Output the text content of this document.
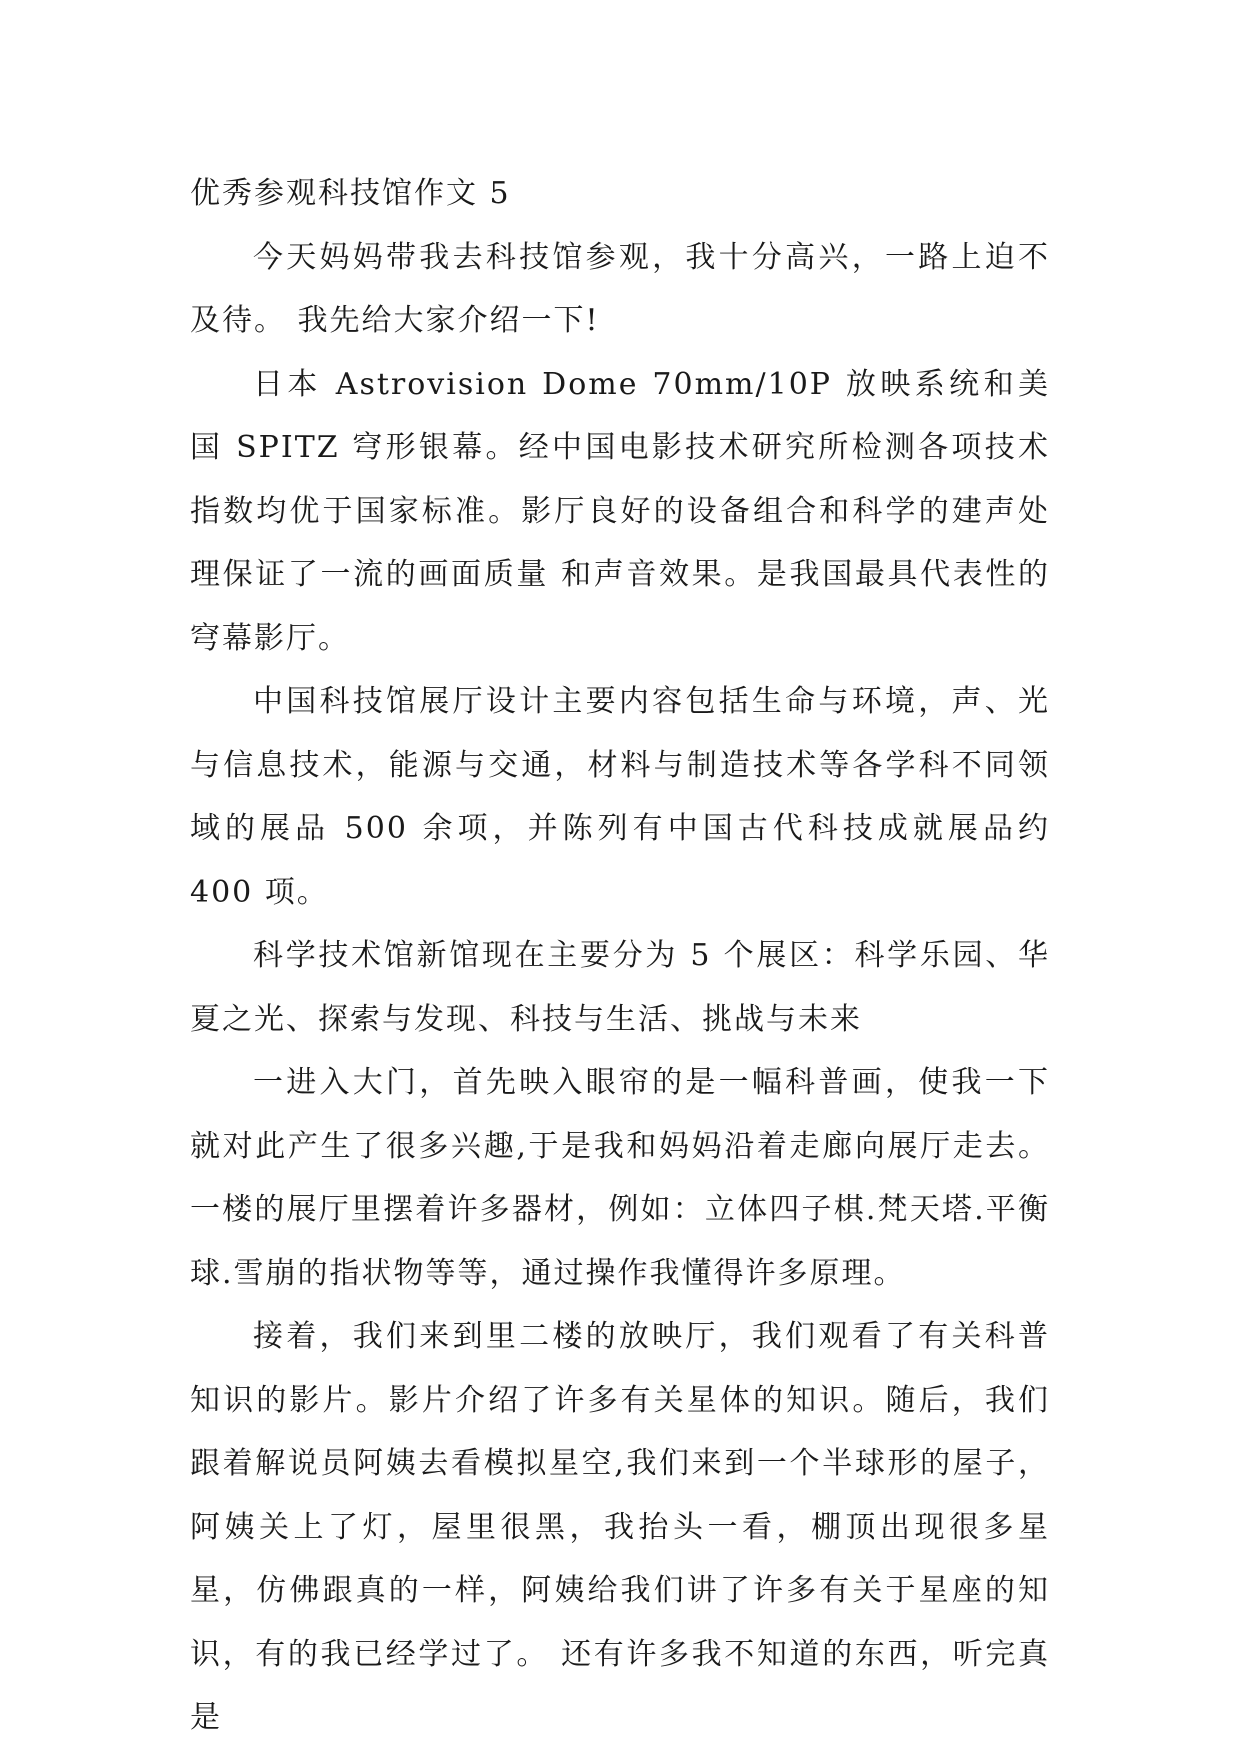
优秀参观科技馆作文 5

今天妈妈带我去科技馆参观，我十分高兴，一路上迫不及待。 我先给大家介绍一下!

日本 Astrovision Dome 70mm/10P 放映系统和美国 SPITZ 穹形银幕。经中国电影技术研究所检测各项技术指数均优于国家标准。影厅良好的设备组合和科学的建声处理保证了一流的画面质量 和声音效果。是我国最具代表性的穹幕影厅。

中国科技馆展厅设计主要内容包括生命与环境，声、光与信息技术，能源与交通，材料与制造技术等各学科不同领域的展品 500 余项，并陈列有中国古代科技成就展品约 400 项。

科学技术馆新馆现在主要分为 5 个展区：科学乐园、华夏之光、探索与发现、科技与生活、挑战与未来

一进入大门，首先映入眼帘的是一幅科普画，使我一下就对此产生了很多兴趣,于是我和妈妈沿着走廊向展厅走去。一楼的展厅里摆着许多器材，例如：立体四子棋.梵天塔.平衡球.雪崩的指状物等等，通过操作我懂得许多原理。

接着，我们来到里二楼的放映厅，我们观看了有关科普知识的影片。影片介绍了许多有关星体的知识。随后，我们跟着解说员阿姨去看模拟星空,我们来到一个半球形的屋子，阿姨关上了灯，屋里很黑，我抬头一看，棚顶出现很多星星，仿佛跟真的一样，阿姨给我们讲了许多有关于星座的知识，有的我已经学过了。 还有许多我不知道的东西，听完真是
